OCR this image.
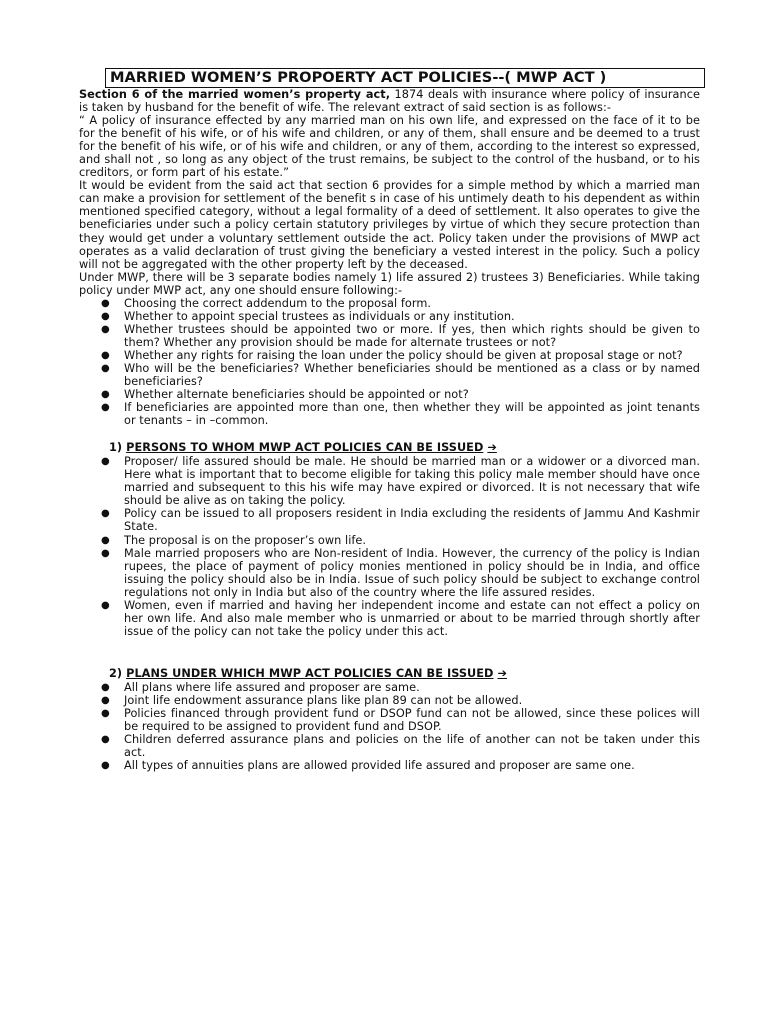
MARRIED WOMEN’S PROPOERTY ACT POLICIES--( MWP ACT )

Section 6 of the married women’s property act, 1874 deals with insurance where policy of insurance is taken by husband for the benefit of wife. The relevant extract of said section is as follows:-

“ A policy of insurance effected by any married man on his own life, and expressed on the face of it to be for the benefit of his wife, or of his wife and children, or any of them, shall ensure and be deemed to a trust for the benefit of his wife, or of his wife and children, or any of them, according to the interest so expressed, and shall not , so long as any object of the trust remains, be subject to the control of the husband, or to his creditors, or form part of his estate.”

It would be evident from the said act that section 6 provides for a simple method by which a married man can make a provision for settlement of the benefit s in case of his untimely death to his dependent as within mentioned specified category, without a legal formality of a deed of settlement. It also operates to give the beneficiaries under such a policy certain statutory privileges by virtue of which they secure protection than they would get under a voluntary settlement outside the act. Policy taken under the provisions of MWP act operates as a valid declaration of trust giving the beneficiary a vested interest in the policy. Such a policy will not be aggregated with the other property left by the deceased.

Under MWP, there will be 3 separate bodies namely 1) life assured 2) trustees 3) Beneficiaries. While taking policy under MWP act, any one should ensure following:-

● Choosing the correct addendum to the proposal form.
● Whether to appoint special trustees as individuals or any institution.
● Whether trustees should be appointed two or more. If yes, then which rights should be given to them? Whether any provision should be made for alternate trustees or not?
● Whether any rights for raising the loan under the policy should be given at proposal stage or not?
● Who will be the beneficiaries? Whether beneficiaries should be mentioned as a class or by named beneficiaries?
● Whether alternate beneficiaries should be appointed or not?
● If beneficiaries are appointed more than one, then whether they will be appointed as joint tenants or tenants – in –common.
1) PERSONS TO WHOM MWP ACT POLICIES CAN BE ISSUED ➔
● Proposer/ life assured should be male. He should be married man or a widower or a divorced man. Here what is important that to become eligible for taking this policy male member should have once married and subsequent to this his wife may have expired or divorced. It is not necessary that wife should be alive as on taking the policy.
● Policy can be issued to all proposers resident in India excluding the residents of Jammu And Kashmir State.
● The proposal is on the proposer’s own life.
● Male married proposers who are Non-resident of India. However, the currency of the policy is Indian rupees, the place of payment of policy monies mentioned in policy should be in India, and office issuing the policy should also be in India. Issue of such policy should be subject to exchange control regulations not only in India but also of the country where the life assured resides.
● Women, even if married and having her independent income and estate can not effect a policy on her own life. And also male member who is unmarried or about to be married through shortly after issue of the policy can not take the policy under this act.
2) PLANS UNDER WHICH MWP ACT POLICIES CAN BE ISSUED ➔
● All plans where life assured and proposer are same.
● Joint life endowment assurance plans like plan 89 can not be allowed.
● Policies financed through provident fund or DSOP fund can not be allowed, since these polices will be required to be assigned to provident fund and DSOP.
● Children deferred assurance plans and policies on the life of another can not be taken under this act.
● All types of annuities plans are allowed provided life assured and proposer are same one.
